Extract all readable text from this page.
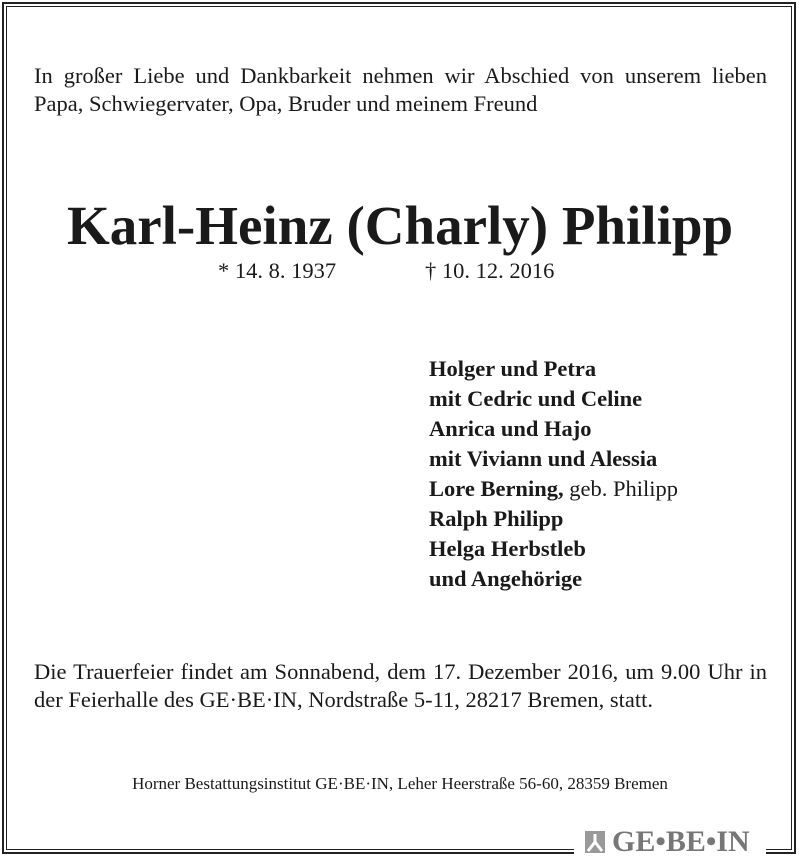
In großer Liebe und Dankbarkeit nehmen wir Abschied von unserem lieben Papa, Schwiegervater, Opa, Bruder und meinem Freund
Karl-Heinz (Charly) Philipp
* 14. 8. 1937	† 10. 12. 2016
Holger und Petra
mit Cedric und Celine
Anrica und Hajo
mit Viviann und Alessia
Lore Berning, geb. Philipp
Ralph Philipp
Helga Herbstleb
und Angehörige
Die Trauerfeier findet am Sonnabend, dem 17. Dezember 2016, um 9.00 Uhr in der Feierhalle des GE·BE·IN, Nordstraße 5-11, 28217 Bremen, statt.
Horner Bestattungsinstitut GE·BE·IN, Leher Heerstraße 56-60, 28359 Bremen
GE•BE•IN
